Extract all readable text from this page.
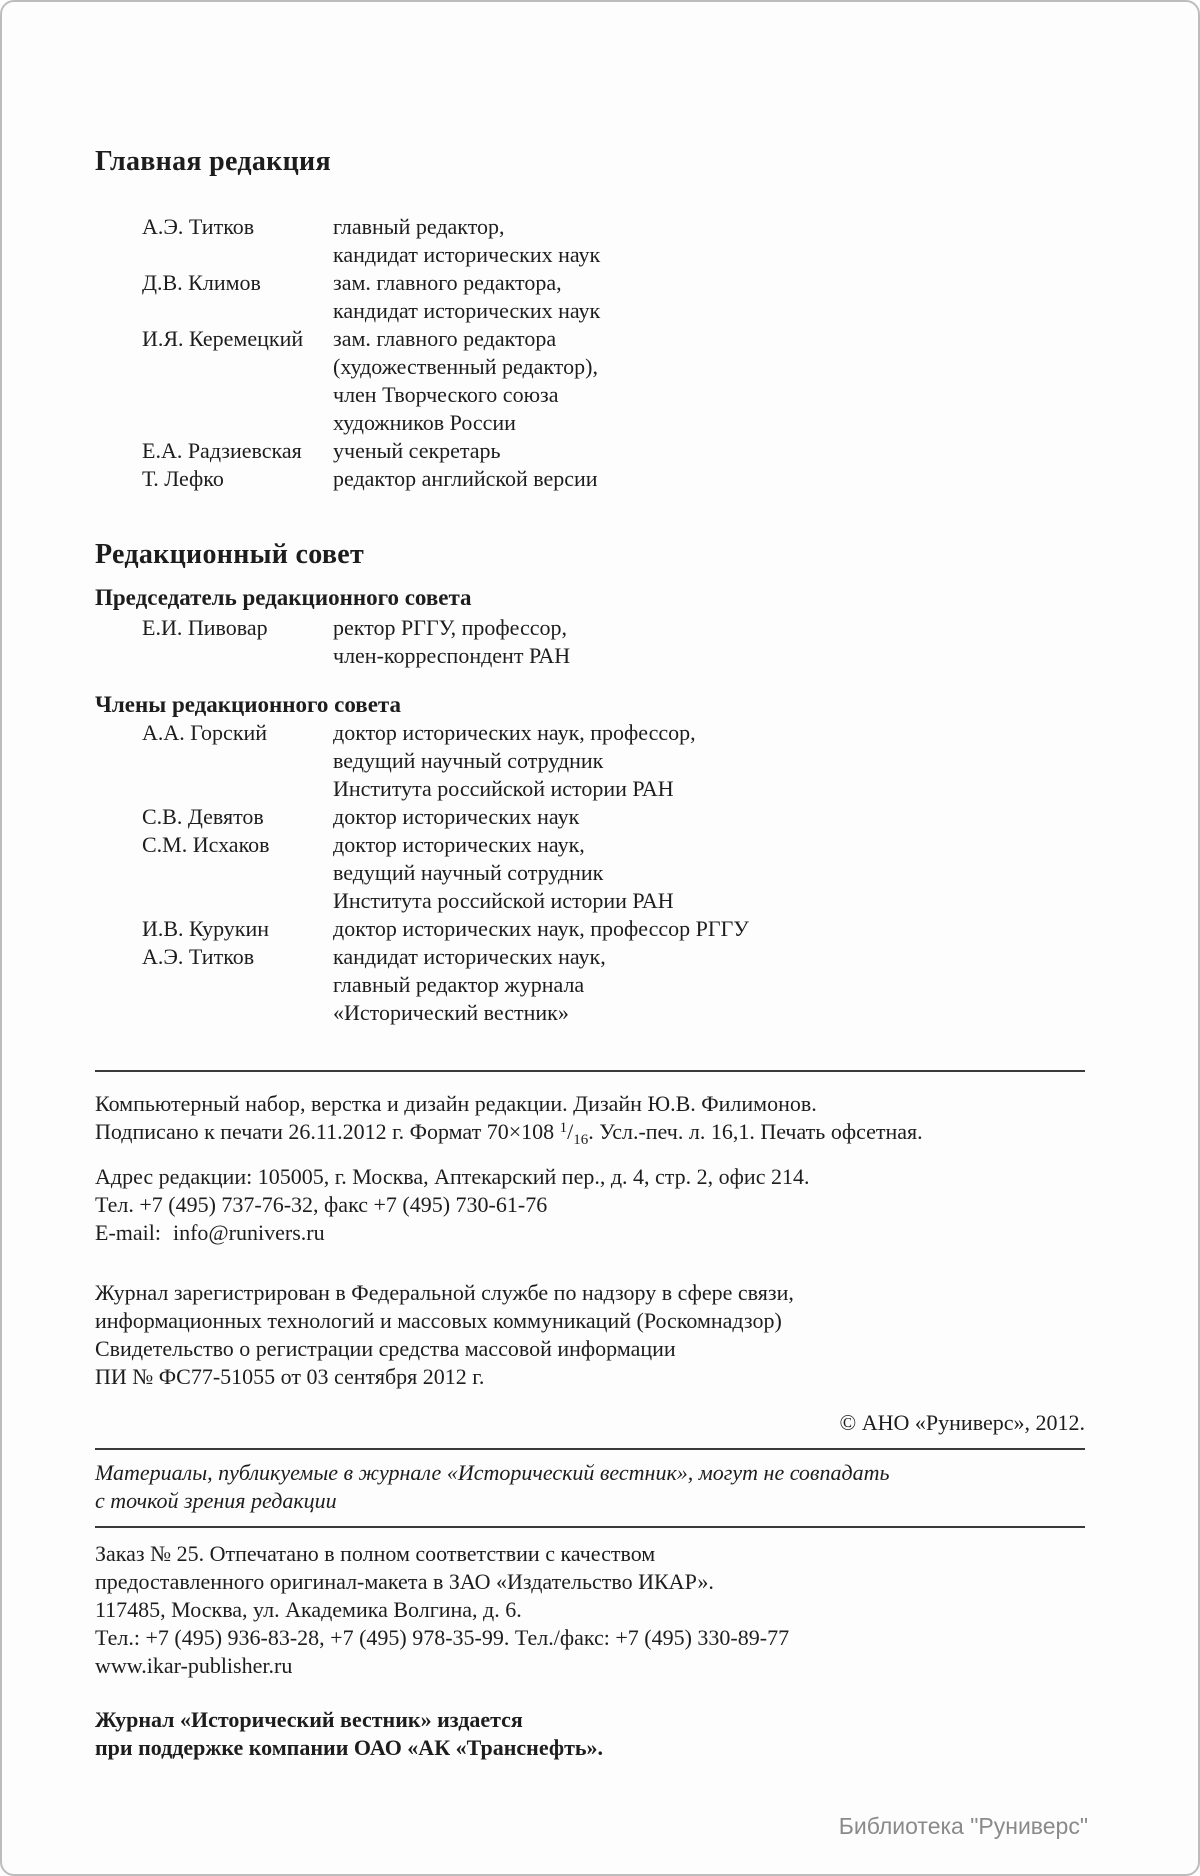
Главная редакция
А.Э. Титков	главный редактор,
кандидат исторических наук
Д.В. Климов	зам. главного редактора,
кандидат исторических наук
И.Я. Керемецкий	зам. главного редактора
(художественный редактор),
член Творческого союза
художников России
Е.А. Радзиевская	ученый секретарь
Т. Лефко	редактор английской версии
Редакционный совет
Председатель редакционного совета
Е.И. Пивовар	ректор РГГУ, профессор,
член-корреспондент РАН
Члены редакционного совета
А.А. Горский	доктор исторических наук, профессор,
ведущий научный сотрудник
Института российской истории РАН
С.В. Девятов	доктор исторических наук
С.М. Исхаков	доктор исторических наук,
ведущий научный сотрудник
Института российской истории РАН
И.В. Курукин	доктор исторических наук, профессор РГГУ
А.Э. Титков	кандидат исторических наук,
главный редактор журнала
«Исторический вестник»
Компьютерный набор, верстка и дизайн редакции. Дизайн Ю.В. Филимонов.
Подписано к печати 26.11.2012 г. Формат 70×108 $^1/_{16}$. Усл.-печ. л. 16,1. Печать офсетная.
Адрес редакции: 105005, г. Москва, Аптекарский пер., д. 4, стр. 2, офис 214.
Тел. +7 (495) 737-76-32, факс +7 (495) 730-61-76
E-mail: info@runivers.ru
Журнал зарегистрирован в Федеральной службе по надзору в сфере связи,
информационных технологий и массовых коммуникаций (Роскомнадзор)
Свидетельство о регистрации средства массовой информации
ПИ № ФС77-51055 от 03 сентября 2012 г.
© АНО «Руниверс», 2012.
Материалы, публикуемые в журнале «Исторический вестник», могут не совпадать
с точкой зрения редакции
Заказ № 25. Отпечатано в полном соответствии с качеством
предоставленного оригинал-макета в ЗАО «Издательство ИКАР».
117485, Москва, ул. Академика Волгина, д. 6.
Тел.: +7 (495) 936-83-28, +7 (495) 978-35-99. Тел./факс: +7 (495) 330-89-77
www.ikar-publisher.ru
Журнал «Исторический вестник» издается
при поддержке компании ОАО «АК «Транснефть».
Библиотека "Руниверс"
